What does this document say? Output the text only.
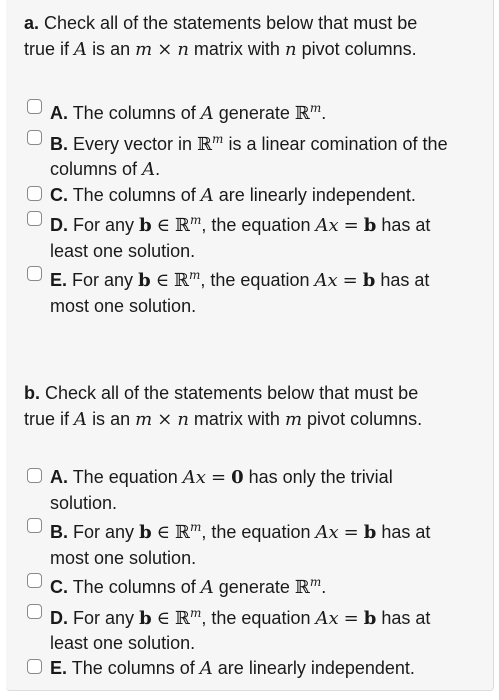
a. Check all of the statements below that must be
true if A is an m × n matrix with n pivot columns.
A. The columns of A generate ℝ$^m$.
B. Every vector in ℝ$^m$ is a linear comination of the
columns of A.
C. The columns of A are linearly independent.
D. For any b ∈ ℝ$^m$, the equation Ax = b has at
least one solution.
E. For any b ∈ ℝ$^m$, the equation Ax = b has at
most one solution.
b. Check all of the statements below that must be
true if A is an m × n matrix with m pivot columns.
A. The equation Ax = 0 has only the trivial
solution.
B. For any b ∈ ℝ$^m$, the equation Ax = b has at
most one solution.
C. The columns of A generate ℝ$^m$.
D. For any b ∈ ℝ$^m$, the equation Ax = b has at
least one solution.
E. The columns of A are linearly independent.
